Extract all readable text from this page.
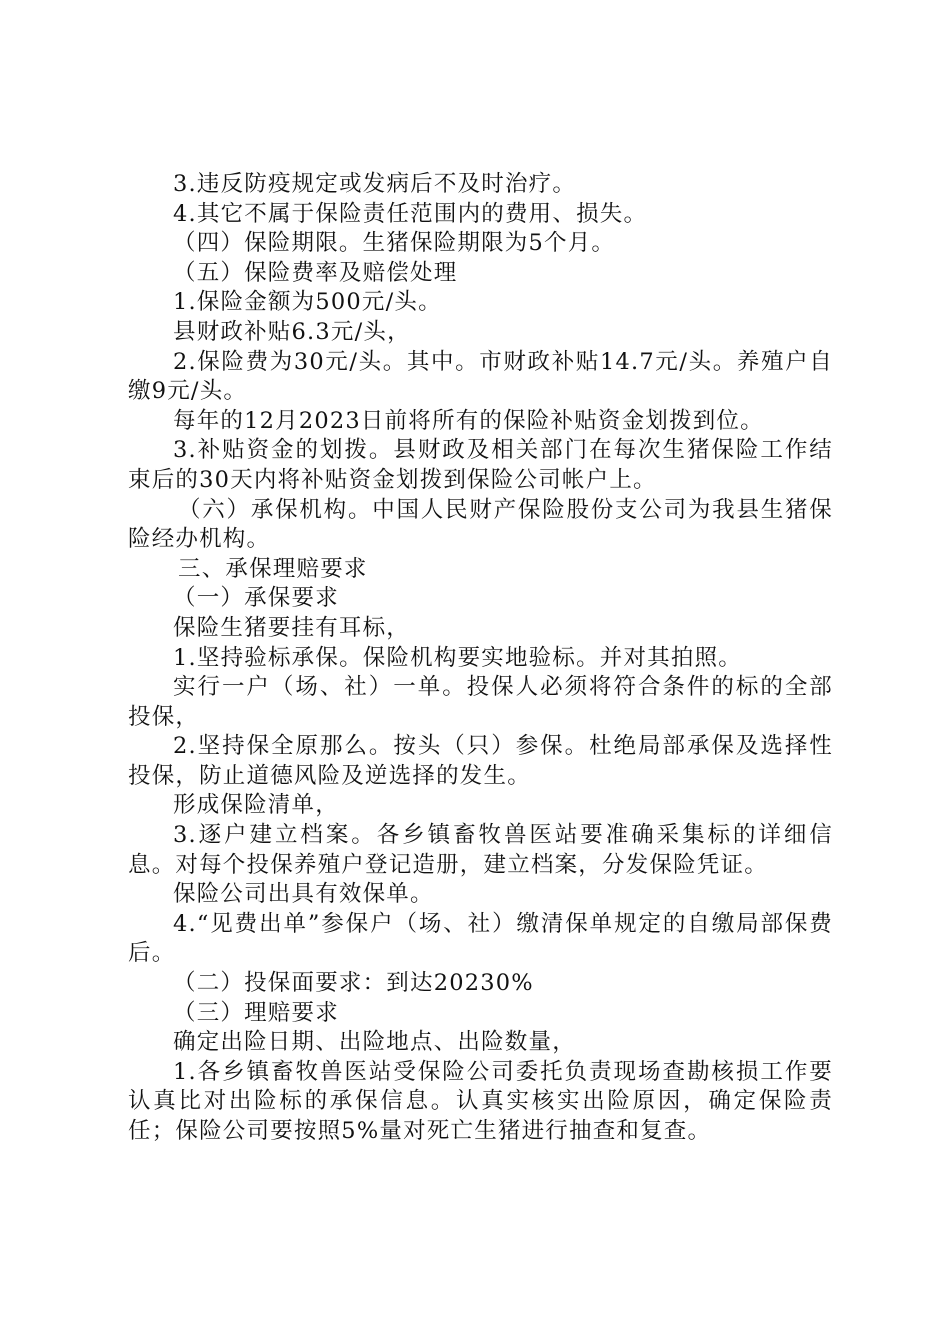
3.违反防疫规定或发病后不及时治疗。

4.其它不属于保险责任范围内的费用、损失。

（四）保险期限。生猪保险期限为5个月。

（五）保险费率及赔偿处理

1.保险金额为500元/头。

县财政补贴6.3元/头，

2.保险费为30元/头。其中。市财政补贴14.7元/头。养殖户自缴9元/头。

每年的12月2023日前将所有的保险补贴资金划拨到位。

3.补贴资金的划拨。县财政及相关部门在每次生猪保险工作结束后的30天内将补贴资金划拨到保险公司帐户上。

（六）承保机构。中国人民财产保险股份支公司为我县生猪保险经办机构。

三、承保理赔要求

（一）承保要求

保险生猪要挂有耳标，

1.坚持验标承保。保险机构要实地验标。并对其拍照。

实行一户（场、社）一单。投保人必须将符合条件的标的全部投保，

2.坚持保全原那么。按头（只）参保。杜绝局部承保及选择性投保，防止道德风险及逆选择的发生。

形成保险清单，

3.逐户建立档案。各乡镇畜牧兽医站要准确采集标的详细信息。对每个投保养殖户登记造册，建立档案，分发保险凭证。

保险公司出具有效保单。

4.“见费出单”参保户（场、社）缴清保单规定的自缴局部保费后。

（二）投保面要求：到达20230%

（三）理赔要求

确定出险日期、出险地点、出险数量，

1.各乡镇畜牧兽医站受保险公司委托负责现场查勘核损工作要认真比对出险标的承保信息。认真实核实出险原因，确定保险责任；保险公司要按照5%量对死亡生猪进行抽查和复查。
